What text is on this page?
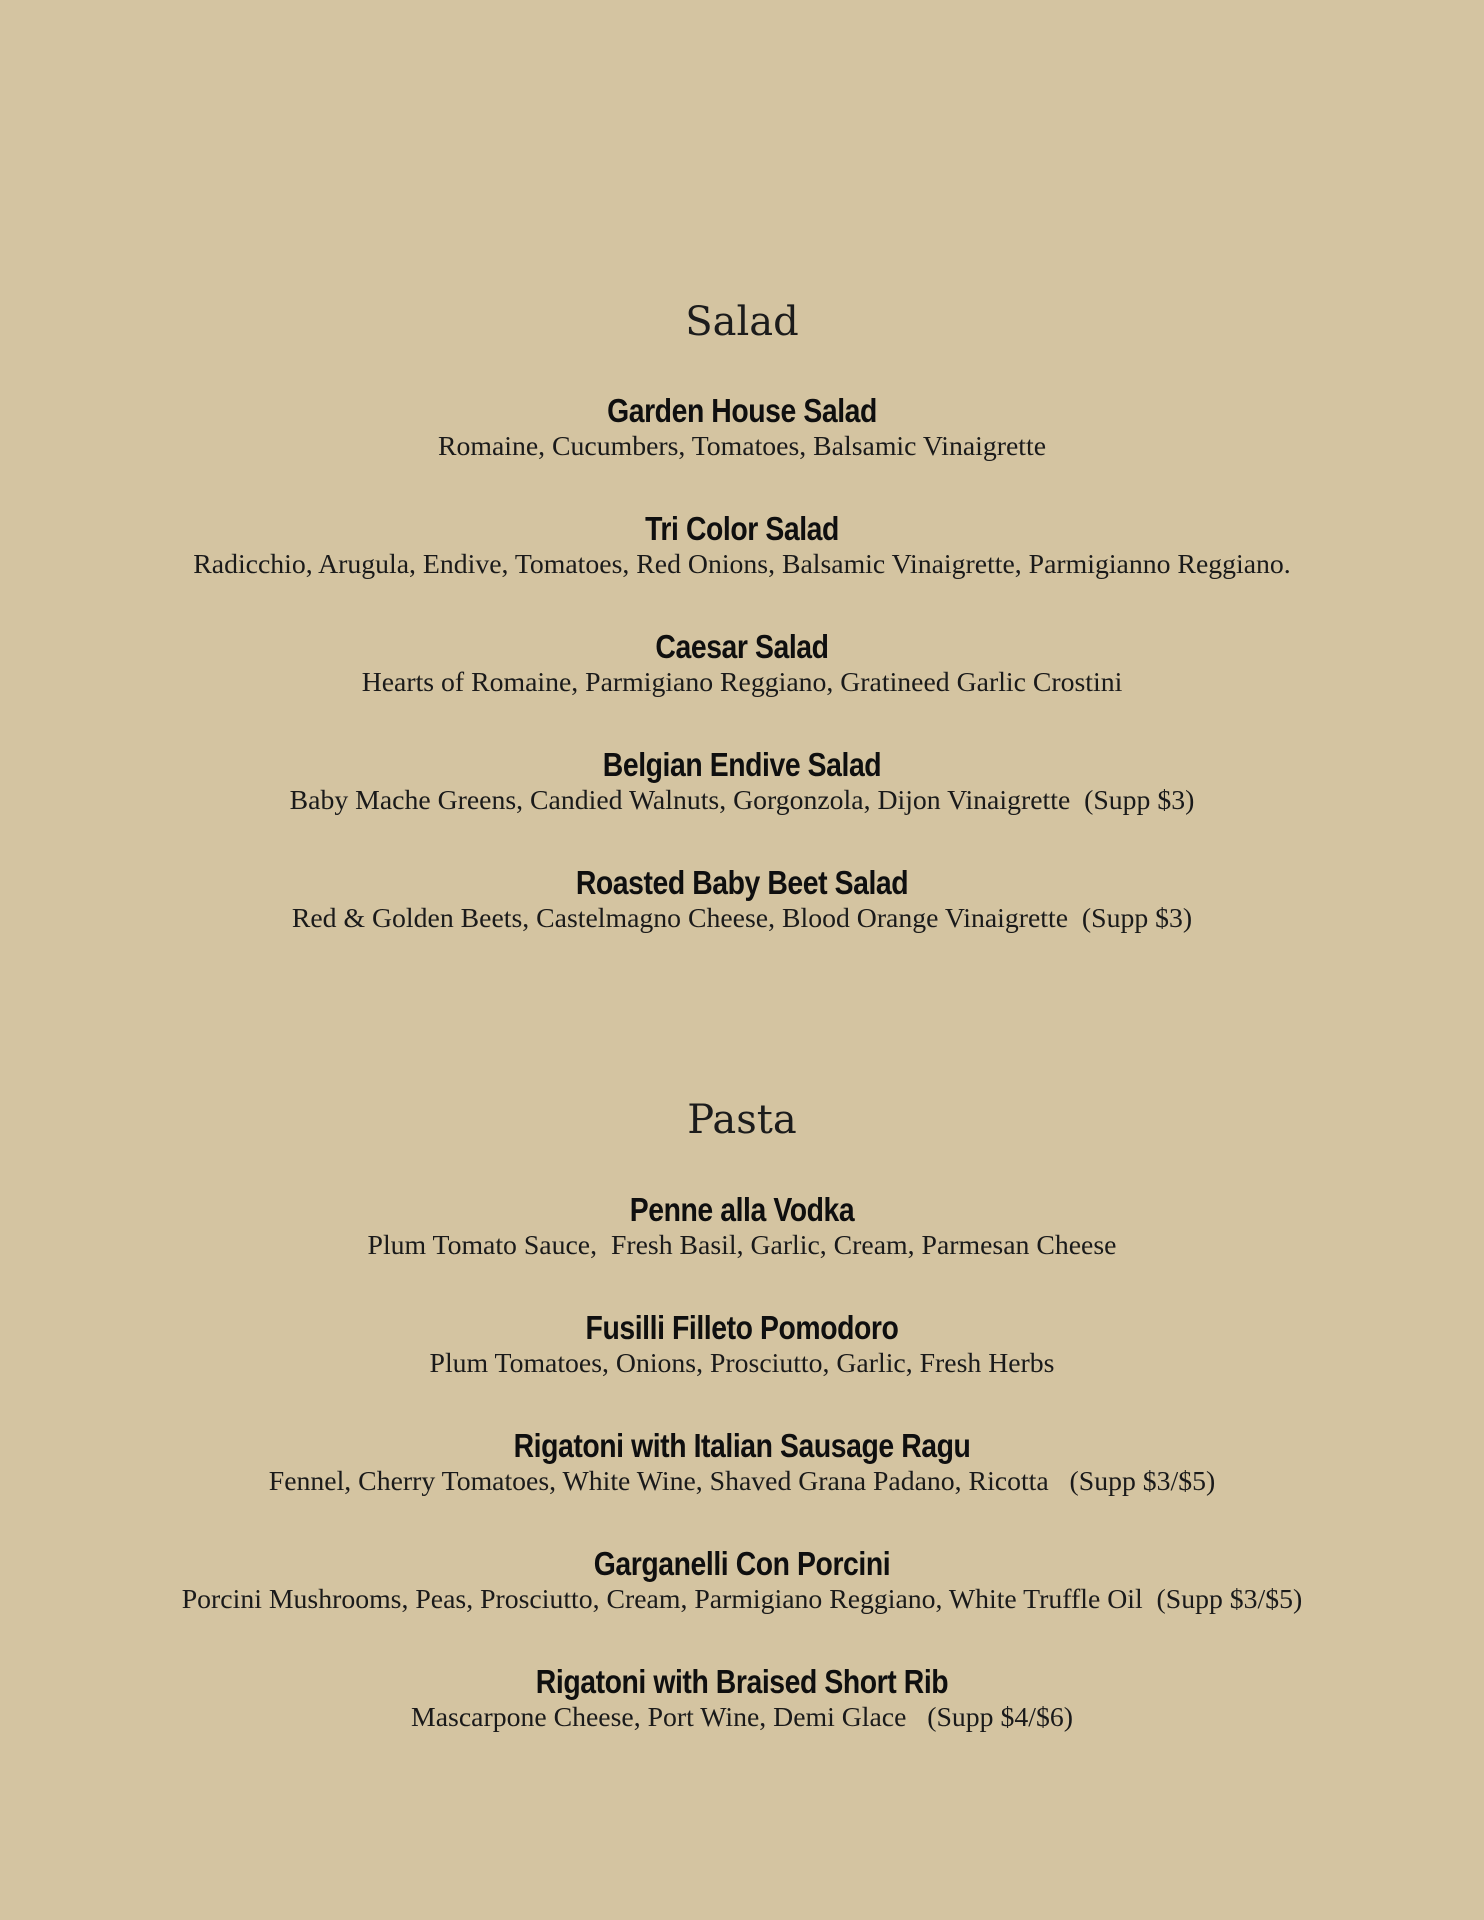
Salad
Garden House Salad
Romaine, Cucumbers, Tomatoes, Balsamic Vinaigrette
Tri Color Salad
Radicchio, Arugula, Endive, Tomatoes, Red Onions, Balsamic Vinaigrette, Parmigianno Reggiano.
Caesar Salad
Hearts of Romaine, Parmigiano Reggiano, Gratineed Garlic Crostini
Belgian Endive Salad
Baby Mache Greens, Candied Walnuts, Gorgonzola, Dijon Vinaigrette  (Supp $3)
Roasted Baby Beet Salad
Red & Golden Beets, Castelmagno Cheese, Blood Orange Vinaigrette  (Supp $3)
Pasta
Penne alla Vodka
Plum Tomato Sauce,  Fresh Basil, Garlic, Cream, Parmesan Cheese
Fusilli Filleto Pomodoro
Plum Tomatoes, Onions, Prosciutto, Garlic, Fresh Herbs
Rigatoni with Italian Sausage Ragu
Fennel, Cherry Tomatoes, White Wine, Shaved Grana Padano, Ricotta   (Supp $3/$5)
Garganelli Con Porcini
Porcini Mushrooms, Peas, Prosciutto, Cream, Parmigiano Reggiano, White Truffle Oil  (Supp $3/$5)
Rigatoni with Braised Short Rib
Mascarpone Cheese, Port Wine, Demi Glace   (Supp $4/$6)
